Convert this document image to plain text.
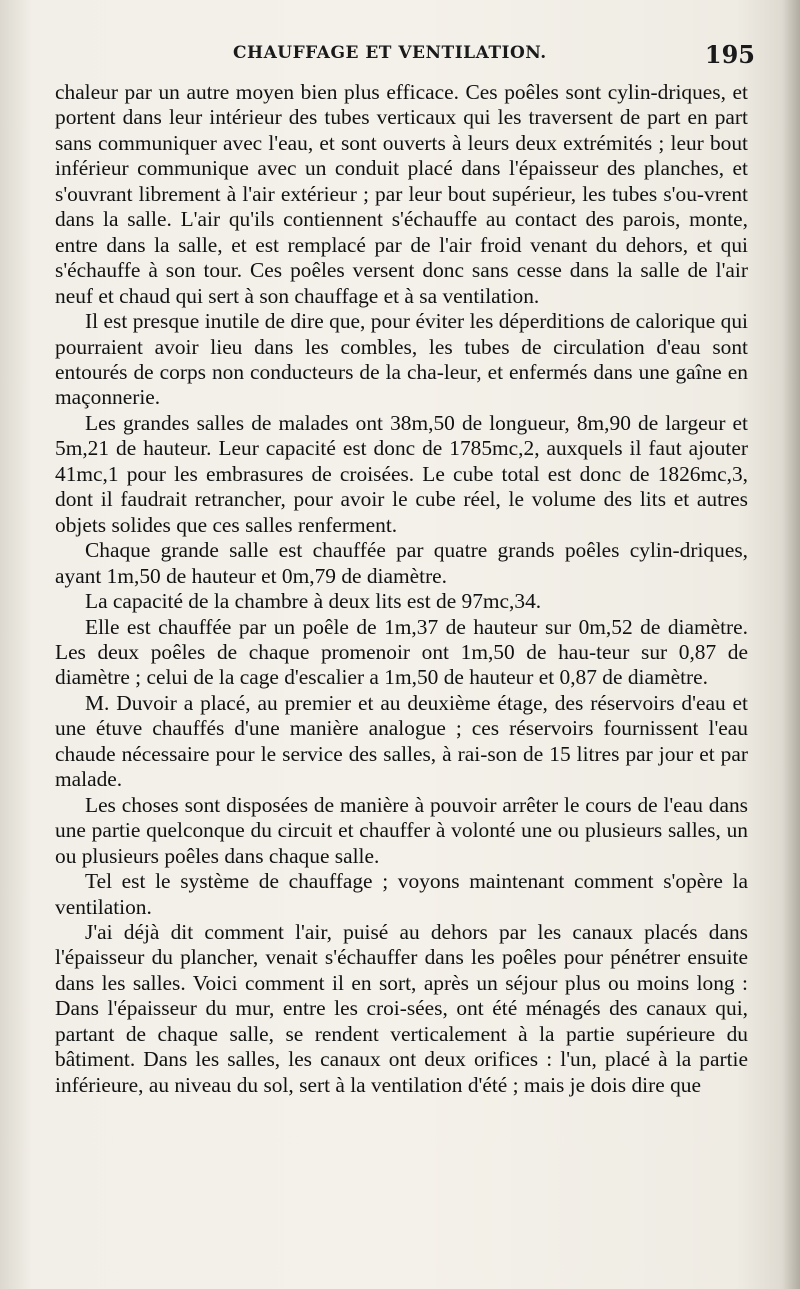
CHAUFFAGE ET VENTILATION.	195

chaleur par un autre moyen bien plus efficace. Ces poêles sont cylin-driques, et portent dans leur intérieur des tubes verticaux qui les traversent de part en part sans communiquer avec l'eau, et sont ouverts à leurs deux extrémités ; leur bout inférieur communique avec un conduit placé dans l'épaisseur des planches, et s'ouvrant librement à l'air extérieur ; par leur bout supérieur, les tubes s'ou-vrent dans la salle. L'air qu'ils contiennent s'échauffe au contact des parois, monte, entre dans la salle, et est remplacé par de l'air froid venant du dehors, et qui s'échauffe à son tour. Ces poêles versent donc sans cesse dans la salle de l'air neuf et chaud qui sert à son chauffage et à sa ventilation.

Il est presque inutile de dire que, pour éviter les déperditions de calorique qui pourraient avoir lieu dans les combles, les tubes de circulation d'eau sont entourés de corps non conducteurs de la cha-leur, et enfermés dans une gaîne en maçonnerie.

Les grandes salles de malades ont 38m,50 de longueur, 8m,90 de largeur et 5m,21 de hauteur. Leur capacité est donc de 1785mc,2, auxquels il faut ajouter 41mc,1 pour les embrasures de croisées. Le cube total est donc de 1826mc,3, dont il faudrait retrancher, pour avoir le cube réel, le volume des lits et autres objets solides que ces salles renferment.

Chaque grande salle est chauffée par quatre grands poêles cylin-driques, ayant 1m,50 de hauteur et 0m,79 de diamètre.

La capacité de la chambre à deux lits est de 97mc,34.

Elle est chauffée par un poêle de 1m,37 de hauteur sur 0m,52 de diamètre. Les deux poêles de chaque promenoir ont 1m,50 de hau-teur sur 0,87 de diamètre ; celui de la cage d'escalier a 1m,50 de hauteur et 0,87 de diamètre.

M. Duvoir a placé, au premier et au deuxième étage, des réservoirs d'eau et une étuve chauffés d'une manière analogue ; ces réservoirs fournissent l'eau chaude nécessaire pour le service des salles, à rai-son de 15 litres par jour et par malade.

Les choses sont disposées de manière à pouvoir arrêter le cours de l'eau dans une partie quelconque du circuit et chauffer à volonté une ou plusieurs salles, un ou plusieurs poêles dans chaque salle.

Tel est le système de chauffage ; voyons maintenant comment s'opère la ventilation.

J'ai déjà dit comment l'air, puisé au dehors par les canaux placés dans l'épaisseur du plancher, venait s'échauffer dans les poêles pour pénétrer ensuite dans les salles. Voici comment il en sort, après un séjour plus ou moins long : Dans l'épaisseur du mur, entre les croi-sées, ont été ménagés des canaux qui, partant de chaque salle, se rendent verticalement à la partie supérieure du bâtiment. Dans les salles, les canaux ont deux orifices : l'un, placé à la partie inférieure, au niveau du sol, sert à la ventilation d'été ; mais je dois dire que
